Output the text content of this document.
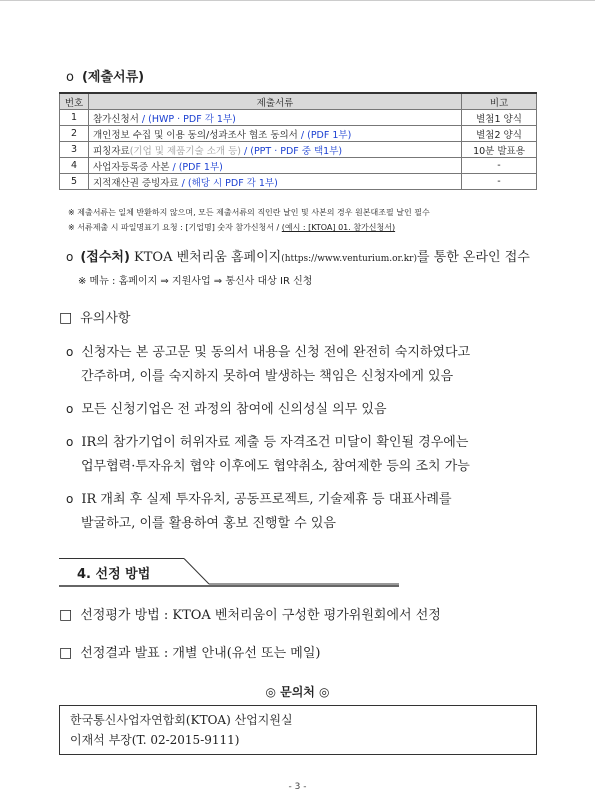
o (제출서류)
번호	제출서류	비고
1	참가신청서 / (HWP · PDF 각 1부)	별첨1 양식
2	개인정보 수집 및 이용 동의/성과조사 협조 동의서 / (PDF 1부)	별첨2 양식
3	피칭자료(기업 및 제품기술 소개 등) / (PPT · PDF 중 택1부)	10분 발표용
4	사업자등록증 사본 / (PDF 1부)	-
5	지적재산권 증빙자료 / (해당 시 PDF 각 1부)	-
※ 제출서류는 일체 반환하지 않으며, 모든 제출서류의 직인란 날인 및 사본의 경우 원본대조필 날인 필수
※ 서류제출 시 파일명표기 요청 : [기업명] 숫자 참가신청서 / (예시 : [KTOA] 01. 참가신청서)
o (접수처) KTOA 벤처리움 홈페이지(https://www.venturium.or.kr)를 통한 온라인 접수
※ 메뉴 : 홈페이지 ⇒ 지원사업 ⇒ 통신사 대상 IR 신청
□ 유의사항
o 신청자는 본 공고문 및 동의서 내용을 신청 전에 완전히 숙지하였다고
간주하며, 이를 숙지하지 못하여 발생하는 책임은 신청자에게 있음
o 모든 신청기업은 전 과정의 참여에 신의성실 의무 있음
o IR의 참가기업이 허위자료 제출 등 자격조건 미달이 확인될 경우에는
업무협력·투자유치 협약 이후에도 협약취소, 참여제한 등의 조치 가능
o IR 개최 후 실제 투자유치, 공동프로젝트, 기술제휴 등 대표사례를
발굴하고, 이를 활용하여 홍보 진행할 수 있음
4. 선정 방법
□ 선정평가 방법 : KTOA 벤처리움이 구성한 평가위원회에서 선정
□ 선정결과 발표 : 개별 안내(유선 또는 메일)
◎ 문의처 ◎
한국통신사업자연합회(KTOA) 산업지원실
이재석 부장(T. 02-2015-9111)
- 3 -
